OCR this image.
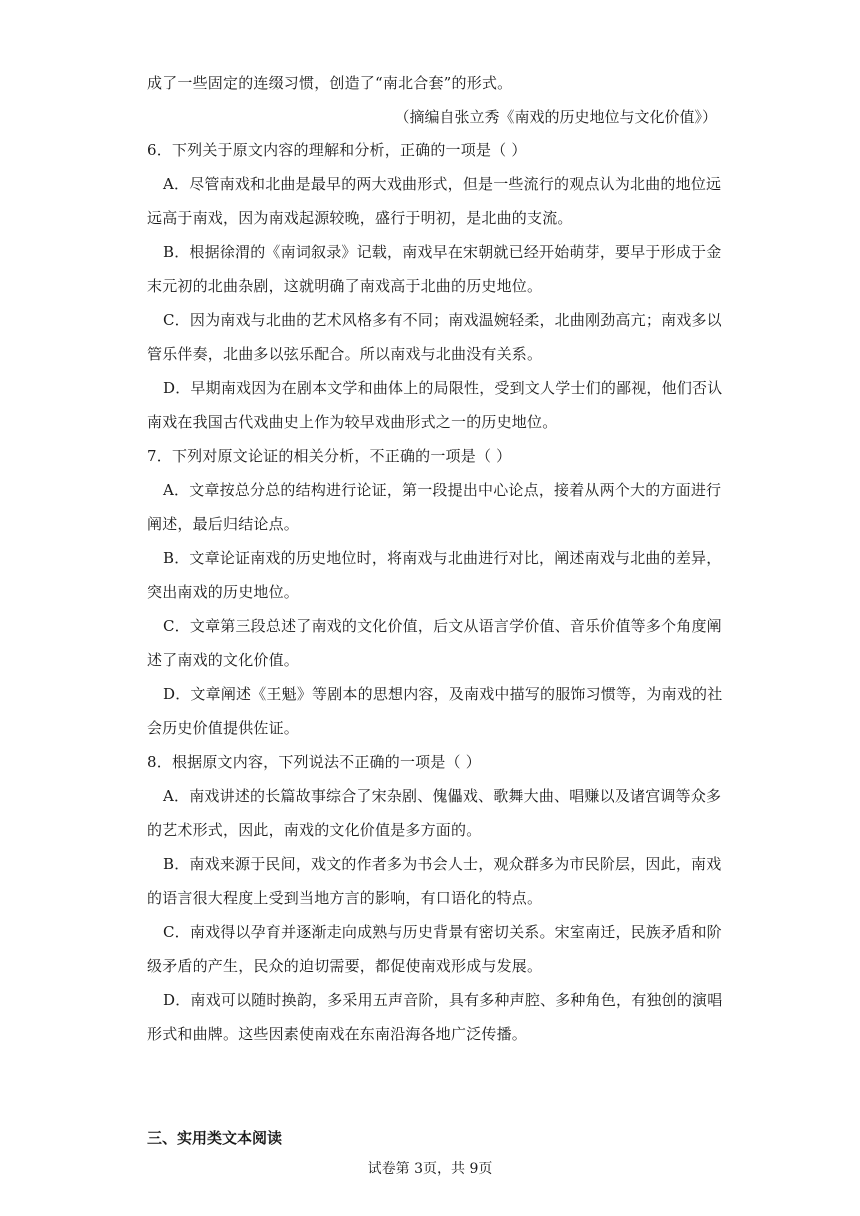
成了一些固定的连缀习惯，创造了“南北合套”的形式。
（摘编自张立秀《南戏的历史地位与文化价值》）
6．下列关于原文内容的理解和分析，正确的一项是（ ）
A．尽管南戏和北曲是最早的两大戏曲形式，但是一些流行的观点认为北曲的地位远
远高于南戏，因为南戏起源较晚，盛行于明初，是北曲的支流。
B．根据徐渭的《南词叙录》记载，南戏早在宋朝就已经开始萌芽，要早于形成于金
末元初的北曲杂剧，这就明确了南戏高于北曲的历史地位。
C．因为南戏与北曲的艺术风格多有不同；南戏温婉轻柔，北曲刚劲高亢；南戏多以
管乐伴奏，北曲多以弦乐配合。所以南戏与北曲没有关系。
D．早期南戏因为在剧本文学和曲体上的局限性，受到文人学士们的鄙视，他们否认
南戏在我国古代戏曲史上作为较早戏曲形式之一的历史地位。
7．下列对原文论证的相关分析，不正确的一项是（ ）
A．文章按总分总的结构进行论证，第一段提出中心论点，接着从两个大的方面进行
阐述，最后归结论点。
B．文章论证南戏的历史地位时，将南戏与北曲进行对比，阐述南戏与北曲的差异，
突出南戏的历史地位。
C．文章第三段总述了南戏的文化价值，后文从语言学价值、音乐价值等多个角度阐
述了南戏的文化价值。
D．文章阐述《王魁》等剧本的思想内容，及南戏中描写的服饰习惯等，为南戏的社
会历史价值提供佐证。
8．根据原文内容，下列说法不正确的一项是（ ）
A．南戏讲述的长篇故事综合了宋杂剧、傀儡戏、歌舞大曲、唱赚以及诸宫调等众多
的艺术形式，因此，南戏的文化价值是多方面的。
B．南戏来源于民间，戏文的作者多为书会人士，观众群多为市民阶层，因此，南戏
的语言很大程度上受到当地方言的影响，有口语化的特点。
C．南戏得以孕育并逐渐走向成熟与历史背景有密切关系。宋室南迁，民族矛盾和阶
级矛盾的产生，民众的迫切需要，都促使南戏形成与发展。
D．南戏可以随时换韵，多采用五声音阶，具有多种声腔、多种角色，有独创的演唱
形式和曲牌。这些因素使南戏在东南沿海各地广泛传播。
三、实用类文本阅读
试卷第 3页，共 9页
